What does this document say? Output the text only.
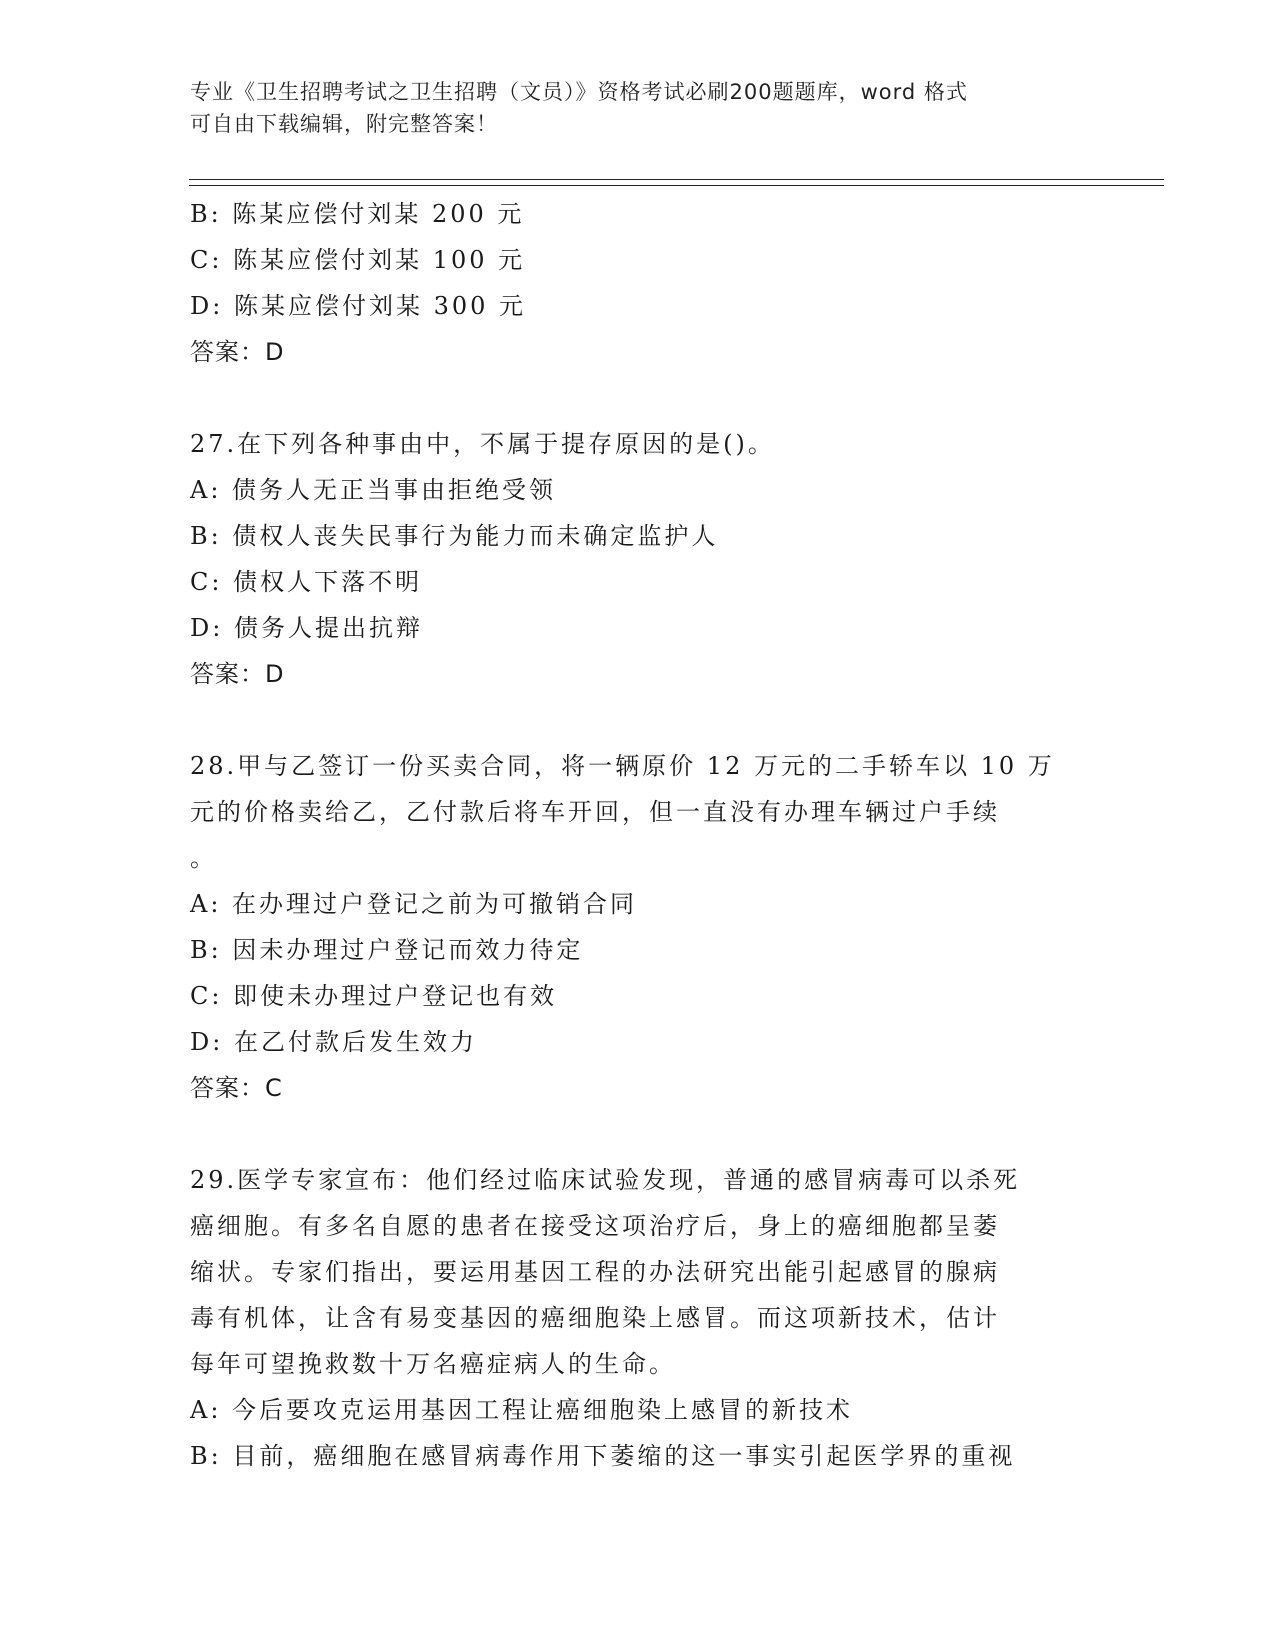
专业《卫生招聘考试之卫生招聘（文员）》资格考试必刷200题题库，word 格式
可自由下载编辑，附完整答案！
B: 陈某应偿付刘某 200 元
C: 陈某应偿付刘某 100 元
D: 陈某应偿付刘某 300 元
答案：D
27.在下列各种事由中，不属于提存原因的是()。
A: 债务人无正当事由拒绝受领
B: 债权人丧失民事行为能力而未确定监护人
C: 债权人下落不明
D: 债务人提出抗辩
答案：D
28.甲与乙签订一份买卖合同，将一辆原价 12 万元的二手轿车以 10 万
元的价格卖给乙，乙付款后将车开回，但一直没有办理车辆过户手续
。
A: 在办理过户登记之前为可撤销合同
B: 因未办理过户登记而效力待定
C: 即使未办理过户登记也有效
D: 在乙付款后发生效力
答案：C
29.医学专家宣布：他们经过临床试验发现，普通的感冒病毒可以杀死
癌细胞。有多名自愿的患者在接受这项治疗后，身上的癌细胞都呈萎
缩状。专家们指出，要运用基因工程的办法研究出能引起感冒的腺病
毒有机体，让含有易变基因的癌细胞染上感冒。而这项新技术，估计
每年可望挽救数十万名癌症病人的生命。
A: 今后要攻克运用基因工程让癌细胞染上感冒的新技术
B: 目前，癌细胞在感冒病毒作用下萎缩的这一事实引起医学界的重视
